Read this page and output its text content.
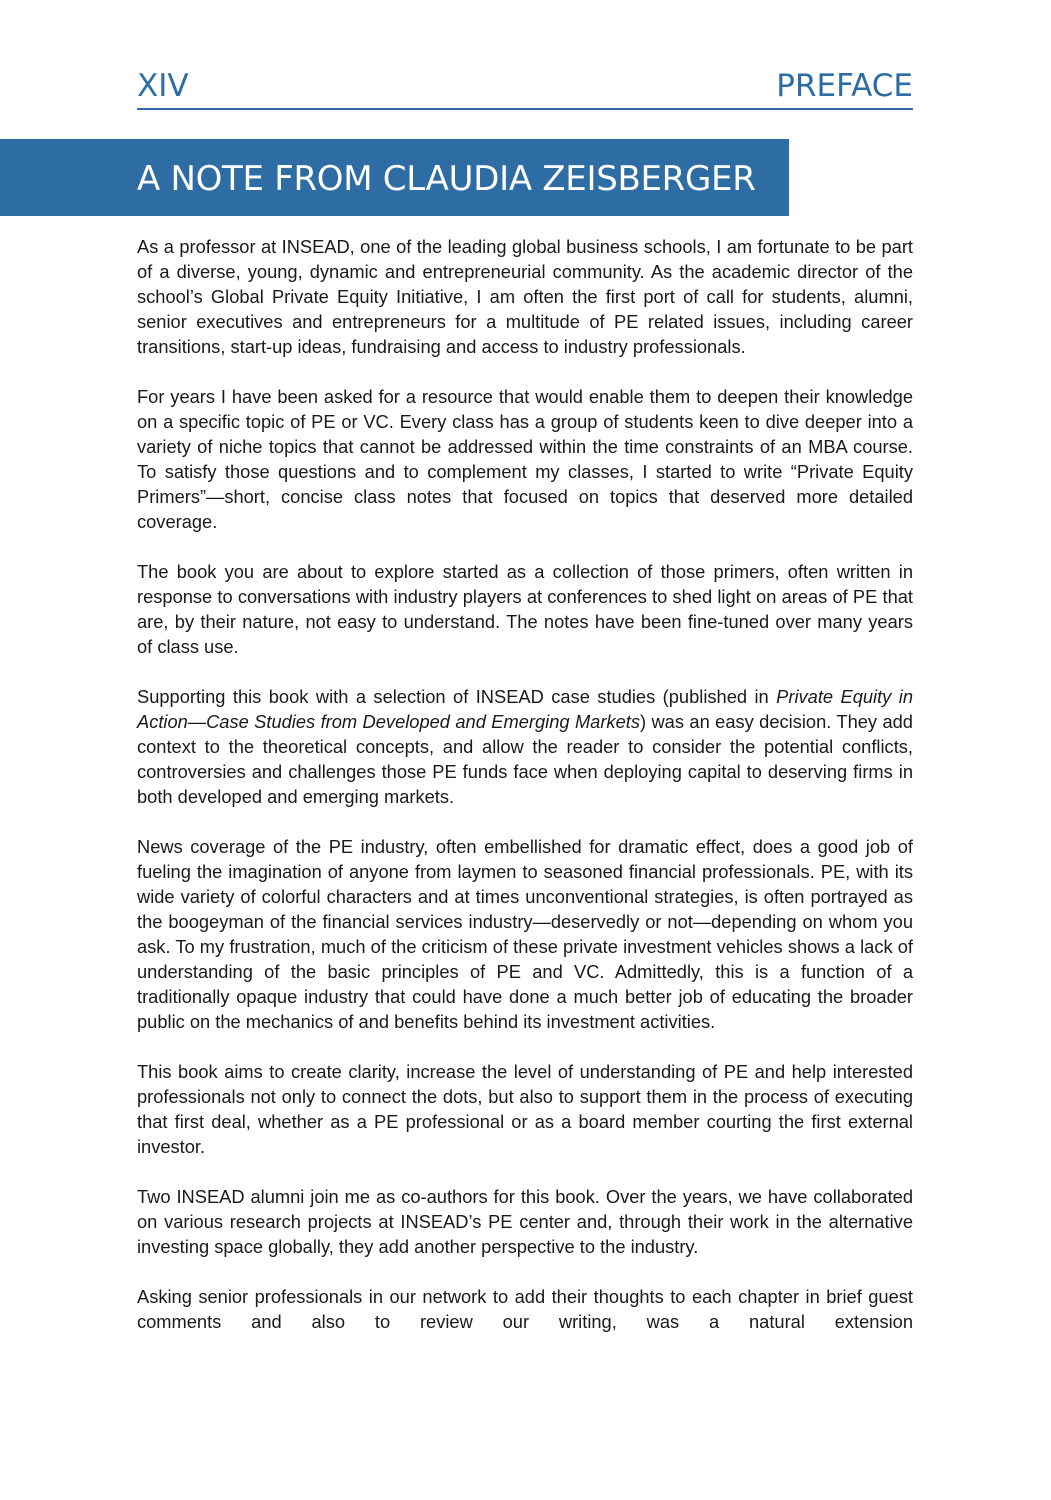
XIV	PREFACE
A NOTE FROM CLAUDIA ZEISBERGER

As a professor at INSEAD, one of the leading global business schools, I am fortunate to be part of a diverse, young, dynamic and entrepreneurial community. As the academic director of the school’s Global Private Equity Initiative, I am often the first port of call for students, alumni, senior executives and entrepreneurs for a multitude of PE related issues, including career transitions, start-up ideas, fundraising and access to industry professionals.

For years I have been asked for a resource that would enable them to deepen their knowledge on a specific topic of PE or VC. Every class has a group of students keen to dive deeper into a variety of niche topics that cannot be addressed within the time constraints of an MBA course. To satisfy those questions and to complement my classes, I started to write “Private Equity Primers”—short, concise class notes that focused on topics that deserved more detailed coverage.

The book you are about to explore started as a collection of those primers, often written in response to conversations with industry players at conferences to shed light on areas of PE that are, by their nature, not easy to understand. The notes have been fine-tuned over many years of class use.

Supporting this book with a selection of INSEAD case studies (published in Private Equity in Action—Case Studies from Developed and Emerging Markets) was an easy decision. They add context to the theoretical concepts, and allow the reader to consider the potential conflicts, controversies and challenges those PE funds face when deploying capital to deserving firms in both developed and emerging markets.

News coverage of the PE industry, often embellished for dramatic effect, does a good job of fueling the imagination of anyone from laymen to seasoned financial professionals. PE, with its wide variety of colorful characters and at times unconventional strategies, is often portrayed as the boogeyman of the financial services industry—deservedly or not—depending on whom you ask. To my frustration, much of the criticism of these private investment vehicles shows a lack of understanding of the basic principles of PE and VC. Admittedly, this is a function of a traditionally opaque industry that could have done a much better job of educating the broader public on the mechanics of and benefits behind its investment activities.

This book aims to create clarity, increase the level of understanding of PE and help interested professionals not only to connect the dots, but also to support them in the process of executing that first deal, whether as a PE professional or as a board member courting the first external investor.

Two INSEAD alumni join me as co-authors for this book. Over the years, we have collaborated on various research projects at INSEAD’s PE center and, through their work in the alternative investing space globally, they add another perspective to the industry.

Asking senior professionals in our network to add their thoughts to each chapter in brief guest comments and also to review our writing, was a natural extension
